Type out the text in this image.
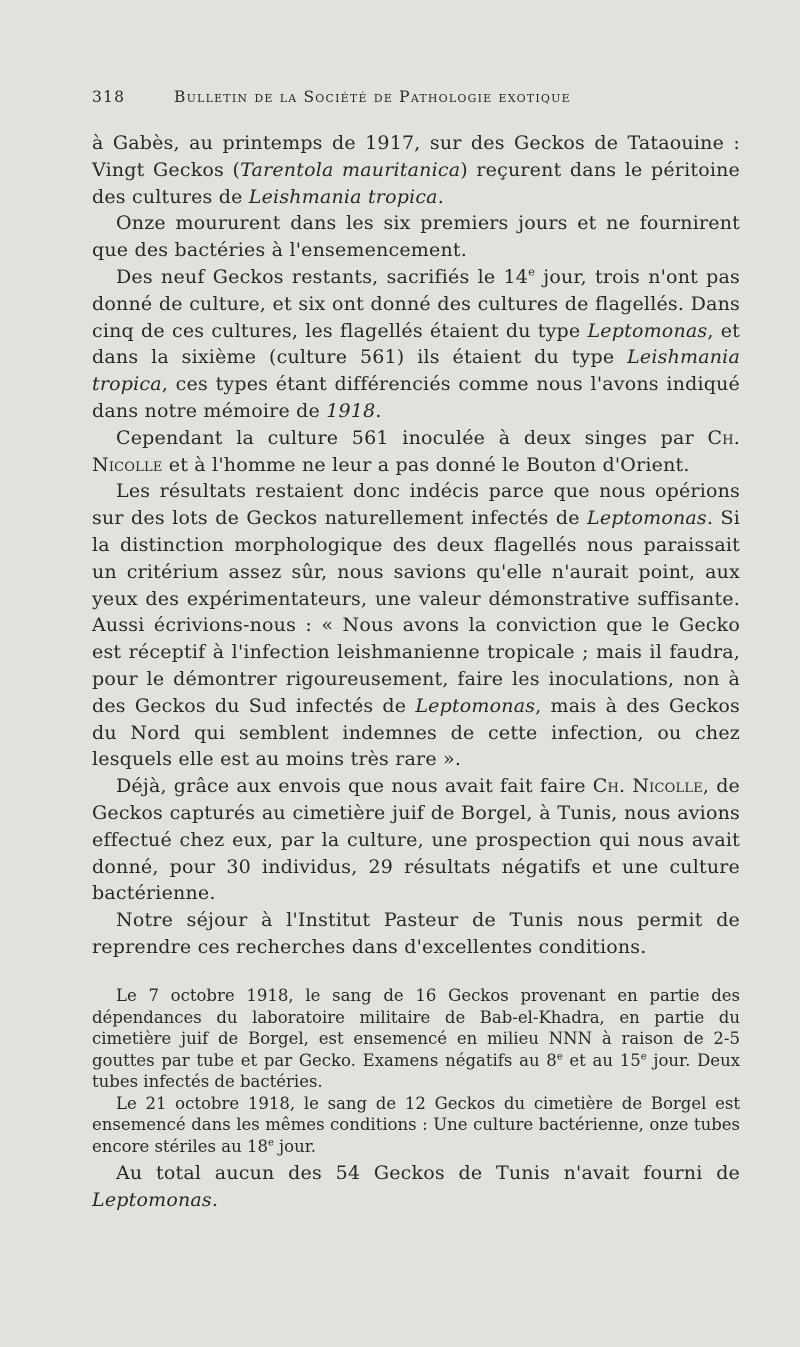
318	Bulletin de la Société de Pathologie exotique

à Gabès, au printemps de 1917, sur des Geckos de Tataouine : Vingt Geckos (Tarentola mauritanica) reçurent dans le péritoine des cultures de Leishmania tropica.

Onze moururent dans les six premiers jours et ne fournirent que des bactéries à l'ensemencement.

Des neuf Geckos restants, sacrifiés le 14e jour, trois n'ont pas donné de culture, et six ont donné des cultures de flagellés. Dans cinq de ces cultures, les flagellés étaient du type Leptomonas, et dans la sixième (culture 561) ils étaient du type Leishmania tropica, ces types étant différenciés comme nous l'avons indiqué dans notre mémoire de 1918.

Cependant la culture 561 inoculée à deux singes par Ch. Nicolle et à l'homme ne leur a pas donné le Bouton d'Orient.

Les résultats restaient donc indécis parce que nous opérions sur des lots de Geckos naturellement infectés de Leptomonas. Si la distinction morphologique des deux flagellés nous paraissait un critérium assez sûr, nous savions qu'elle n'aurait point, aux yeux des expérimentateurs, une valeur démonstrative suffisante. Aussi écrivions-nous : « Nous avons la conviction que le Gecko est réceptif à l'infection leishmanienne tropicale ; mais il faudra, pour le démontrer rigoureusement, faire les inoculations, non à des Geckos du Sud infectés de Leptomonas, mais à des Geckos du Nord qui semblent indemnes de cette infection, ou chez lesquels elle est au moins très rare ».

Déjà, grâce aux envois que nous avait fait faire Ch. Nicolle, de Geckos capturés au cimetière juif de Borgel, à Tunis, nous avions effectué chez eux, par la culture, une prospection qui nous avait donné, pour 30 individus, 29 résultats négatifs et une culture bactérienne.

Notre séjour à l'Institut Pasteur de Tunis nous permit de reprendre ces recherches dans d'excellentes conditions.

Le 7 octobre 1918, le sang de 16 Geckos provenant en partie des dépendances du laboratoire militaire de Bab-el-Khadra, en partie du cimetière juif de Borgel, est ensemencé en milieu NNN à raison de 2-5 gouttes par tube et par Gecko. Examens négatifs au 8e et au 15e jour. Deux tubes infectés de bactéries.

Le 21 octobre 1918, le sang de 12 Geckos du cimetière de Borgel est ensemencé dans les mêmes conditions : Une culture bactérienne, onze tubes encore stériles au 18e jour.

Au total aucun des 54 Geckos de Tunis n'avait fourni de Leptomonas.
